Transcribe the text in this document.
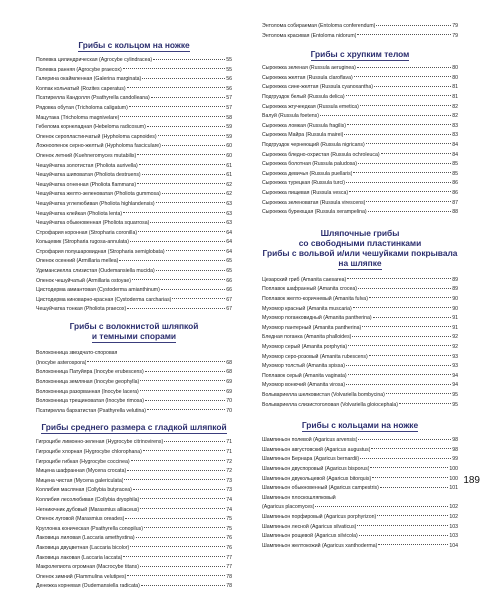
Грибы с кольцом на ножке
Полевка цилиндрическая (Agrocybe cylindracea)	55
Полевка ранняя (Agrocybe praecox)	55
Галерина окаймленная (Galerina marginata)	56
Колпак кольчатый (Rozites caperatus)	56
Псатирелла Кандолля (Psathyrella candolleana)	57
Рядовка обутая (Tricholoma caligatum)	57
Мацутака (Tricholoma magnivelare)	58
Гебелома корнеладная (Hebeloma radicosum)	59
Опенок серопластинчатый (Hypholoma capnoides)	59
Ложноопенок серно-желтый (Hypholoma fasciculare)	60
Опенок летний (Kuehneromyces mutabilis)	60
Чешуйчатка золотистая (Pholiota aurivella)	61
Чешуйчатка шиповатая (Pholiota destruens)	61
Чешуйчатка огненная (Pholiota flammans)	62
Чешуйчатка желто-зеленоватая (Pholiota gummosa)	62
Чешуйчатка углелюбивая (Pholiota highlandensis)	63
Чешуйчатка клейкая (Pholiota lenta)	63
Чешуйчатка обыкновенная (Pholiota squarrosa)	63
Строфария коронная (Stropharia coronilla)	64
Кольцевик (Stropharia rugosa-annulata)	64
Строфария полушаровидная (Stropharia semiglobata)	64
Опенок осенний (Armillaria mellea)	65
Удемансиелла слизистая (Oudemansiella mucida)	65
Опенок чешуйчатый (Armillaria ostoyae)	66
Цистодерма амиантовая (Cystoderma amianthinum)	66
Цистодерма киноварно-красная (Cystoderma carcharias)	67
Чешуйчатка тонкая (Pholiota praecox)	67
Грибы с волокнистой шляпкой
и темными спорами
Волоконница звездчато-споровая
(Inocybe asterospora)	68
Волоконница Патуйяра (Inocybe erubescens)	68
Волоконница земляная (Inocybe geophylla)	69
Волоконница разорванная (Inocybe lacera)	69
Волоконница трещиноватая (Inocybe rimosa)	70
Псатирелла бархатистая (Psathyrella velutina)	70
Грибы среднего размера с гладкой шляпкой
Гигроцибе лимонно-зеленая (Hygrocybe citrinovirens)	71
Гигроцибе хлорная (Hygrocybe chlorophana)	71
Гигроцибе гибкая (Hygrocybe coccinea)	72
Мицена шафранная (Mycena crocata)	72
Мицена чистая (Mycena galericulata)	73
Коллибия масляная (Collybia butyracea)	73
Коллибия лесолюбивая (Collybia dryophila)	74
Негниючник дубовый (Marasmius alliaceus)	74
Опенок луговой (Marasmius oreades)	75
Круглонка коническая (Psathyrella conopilus)	75
Лаковица лиловая (Laccaria amethystina)	76
Лаковица двуцветная (Laccaria bicolor)	76
Лаковица лаковая (Laccaria laccata)	77
Макролепиота огромная (Macrocybe titans)	77
Опенок зимний (Flammulina velutipes)	78
Денежка корневая (Oudemansiella radicata)	78
Энтолома собираемая (Entoloma conferendum)	79
Энтолома красивая (Entoloma nidorum)	79
Грибы с хрупким телом
Сыроежка зеленая (Russula aeruginea)	80
Сыроежка желтая (Russula claroflava)	80
Сыроежка сине-желтая (Russula cyanoxantha)	81
Подгруздок белый (Russula delica)	81
Сыроежка жгучеедкая (Russula emetica)	82
Валуй (Russula foetens)	82
Сыроежка ломкая (Russula fragilis)	83
Сыроежка Майра (Russula mairei)	83
Подгруздок чернеющий (Russula nigricans)	84
Сыроежка бледно-охристая (Russula ochroleuca)	84
Сыроежка болотная (Russula paludosa)	85
Сыроежка девичья (Russula puellaris)	85
Сыроежка турецкая (Russula turci)	86
Сыроежка пищевая (Russula vesca)	86
Сыроежка зеленоватая (Russula virescens)	87
Сыроежка буреющая (Russula xerampelina)	88
Шляпочные грибы
со свободными пластинками
Грибы с вольвой и/или чешуйками покрывала
на шляпке
Цезарский гриб (Amanita caesarea)	89
Поплавок шафранный (Amanita crocea)	89
Поплавок желто-коричневый (Amanita fulva)	90
Мухомор красный (Amanita muscaria)	90
Мухомор поганковидный (Amanita pantherina)	91
Мухомор пантерный (Amanita pantherina)	91
Бледная поганка (Amanita phalloides)	92
Мухомор серый (Amanita porphyria)	92
Мухомор серо-розовый (Amanita rubescens)	93
Мухомор толстый (Amanita spissa)	93
Поплавок серый (Amanita vaginata)	94
Мухомор вонючий (Amanita virosa)	94
Вольвариелла шелковистая (Volvariella bombycina)	95
Вольвариелла слизистоголовая (Volvariella gloiocephala)	95
Грибы с кольцами на ножке
Шампиньон полевой (Agaricus arvensis)	98
Шампиньон августовский (Agaricus augustus)	98
Шампиньон Бернара (Agaricus bernardii)	99
Шампиньон двуспоровый (Agaricus bisporus)	100
Шампиньон двукольцевой (Agaricus bitorquis)	100
Шампиньон обыкновенный (Agaricus campestris)	101
Шампиньон плоскошляпковый
(Agaricus placomyces)	102
Шампиньон порфировый (Agaricus porphyrizon)	102
Шампиньон лесной (Agaricus silvaticus)	103
Шампиньон рощевой (Agaricus silvicola)	103
Шампиньон желтокожий (Agaricus xanthoderma)	104
189
